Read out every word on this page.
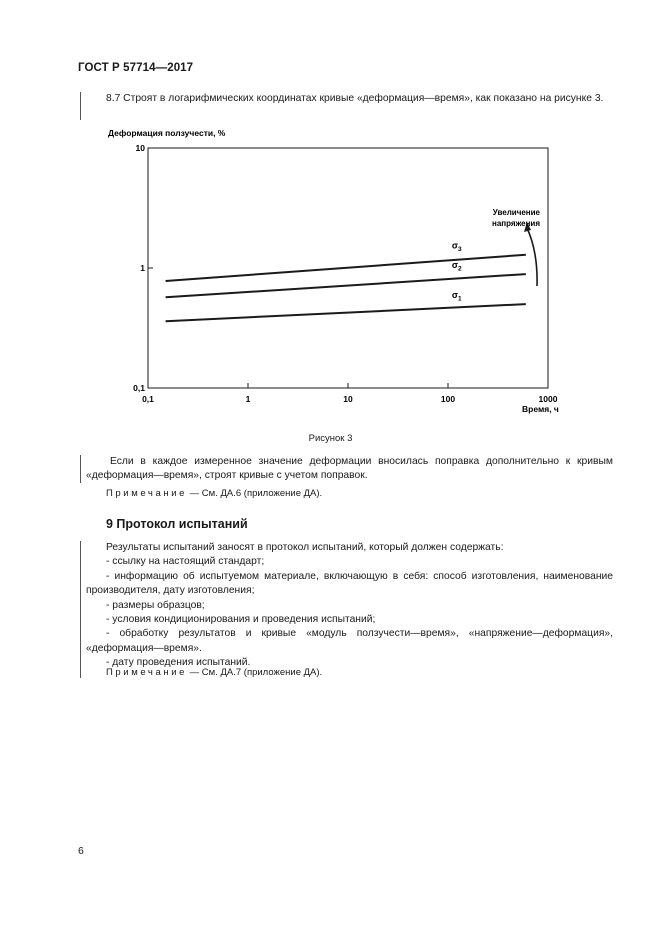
ГОСТ Р 57714—2017
8.7 Строят в логарифмических координатах кривые «деформация—время», как показано на рисунке 3.
Деформация ползучести, %
0,1
1
10
0,1	1	10	100	1000
$\sigma_3$
$\sigma_2$
$\sigma_1$
Время, ч
Увеличение
напряжения
Рисунок 3
Если в каждое измеренное значение деформации вносилась поправка дополнительно к кривым «деформация—время», строят кривые с учетом поправок.
Примечание — См. ДА.6 (приложение ДА).
9 Протокол испытаний
Результаты испытаний заносят в протокол испытаний, который должен содержать:
- ссылку на настоящий стандарт;
- информацию об испытуемом материале, включающую в себя: способ изготовления, наименование производителя, дату изготовления;
- размеры образцов;
- условия кондиционирования и проведения испытаний;
- обработку результатов и кривые «модуль ползучести—время», «напряжение—деформация», «деформация—время».
- дату проведения испытаний.
Примечание — См. ДА.7 (приложение ДА).
6
